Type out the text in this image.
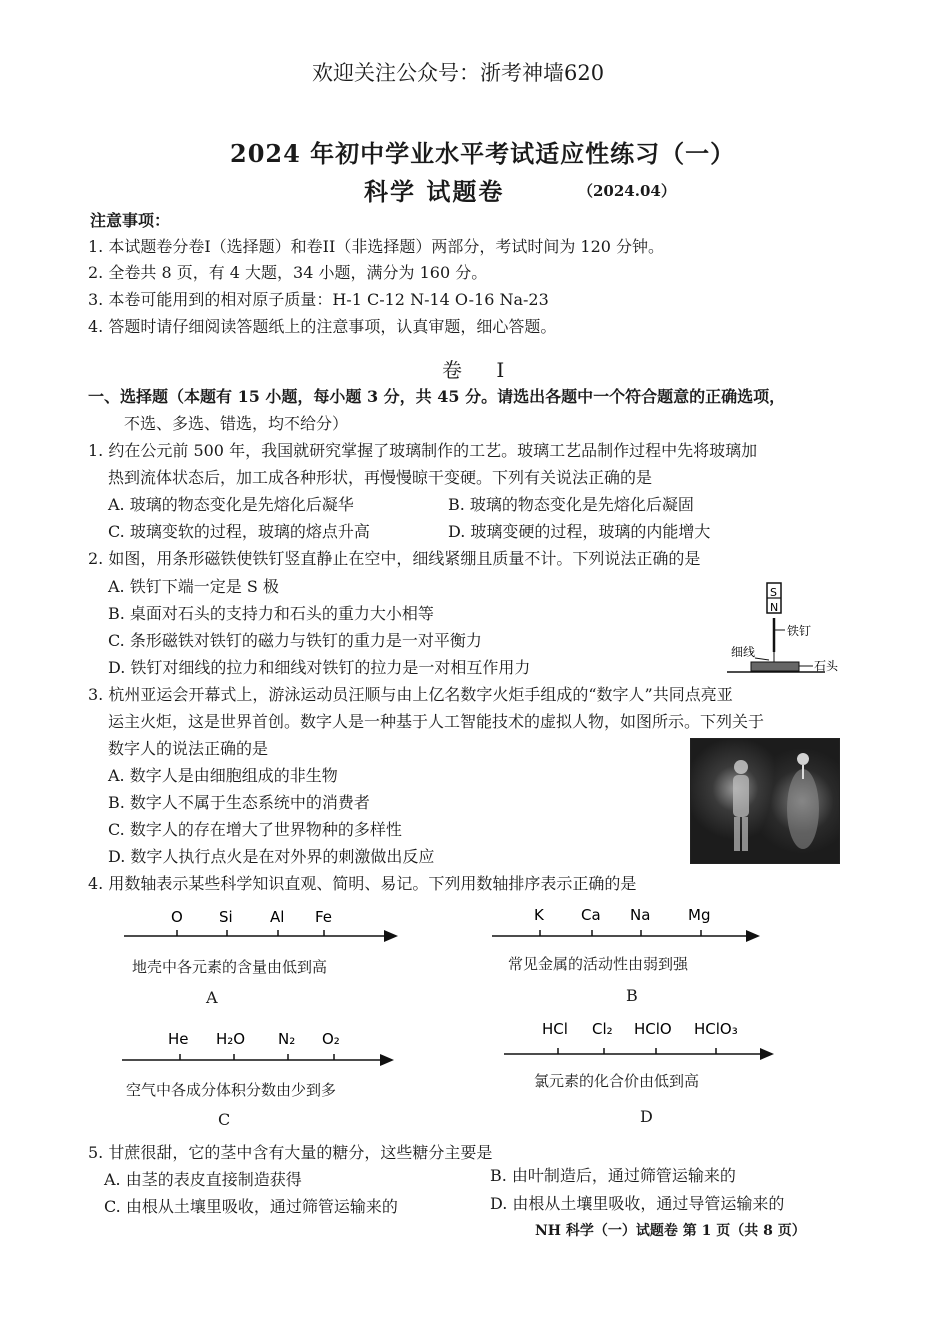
欢迎关注公众号：浙考神墙620
2024 年初中学业水平考试适应性练习（一）
科学 试题卷	（2024.04）
注意事项：
1. 本试题卷分卷I（选择题）和卷II（非选择题）两部分，考试时间为 120 分钟。
2. 全卷共 8 页，有 4 大题，34 小题，满分为 160 分。
3. 本卷可能用到的相对原子质量：H-1 C-12 N-14 O-16 Na-23
4. 答题时请仔细阅读答题纸上的注意事项，认真审题，细心答题。
卷 I
一、选择题（本题有 15 小题，每小题 3 分，共 45 分。请选出各题中一个符合题意的正确选项，
不选、多选、错选，均不给分）
1. 约在公元前 500 年，我国就研究掌握了玻璃制作的工艺。玻璃工艺品制作过程中先将玻璃加
热到流体状态后，加工成各种形状，再慢慢晾干变硬。下列有关说法正确的是
A. 玻璃的物态变化是先熔化后凝华	B. 玻璃的物态变化是先熔化后凝固
C. 玻璃变软的过程，玻璃的熔点升高	D. 玻璃变硬的过程，玻璃的内能增大
2. 如图，用条形磁铁使铁钉竖直静止在空中，细线紧绷且质量不计。下列说法正确的是
A. 铁钉下端一定是 S 极
B. 桌面对石头的支持力和石头的重力大小相等
C. 条形磁铁对铁钉的磁力与铁钉的重力是一对平衡力
D. 铁钉对细线的拉力和细线对铁钉的拉力是一对相互作用力
S
N
铁钉
细线
石头
3. 杭州亚运会开幕式上，游泳运动员汪顺与由上亿名数字火炬手组成的“数字人”共同点亮亚
运主火炬，这是世界首创。数字人是一种基于人工智能技术的虚拟人物，如图所示。下列关于
数字人的说法正确的是
A. 数字人是由细胞组成的非生物
B. 数字人不属于生态系统中的消费者
C. 数字人的存在增大了世界物种的多样性
D. 数字人执行点火是在对外界的刺激做出反应
4. 用数轴表示某些科学知识直观、简明、易记。下列用数轴排序表示正确的是
O Si Al Fe
地壳中各元素的含量由低到高
A
K Ca Na	Mg
常见金属的活动性由弱到强
B
He H₂O N₂ O₂
空气中各成分体积分数由少到多
C
HCl Cl₂ HClO HClO₃
氯元素的化合价由低到高
D
5. 甘蔗很甜，它的茎中含有大量的糖分，这些糖分主要是
A. 由茎的表皮直接制造获得	B. 由叶制造后，通过筛管运输来的
C. 由根从土壤里吸收，通过筛管运输来的	D. 由根从土壤里吸收，通过导管运输来的
NH 科学（一）试题卷 第 1 页（共 8 页）
